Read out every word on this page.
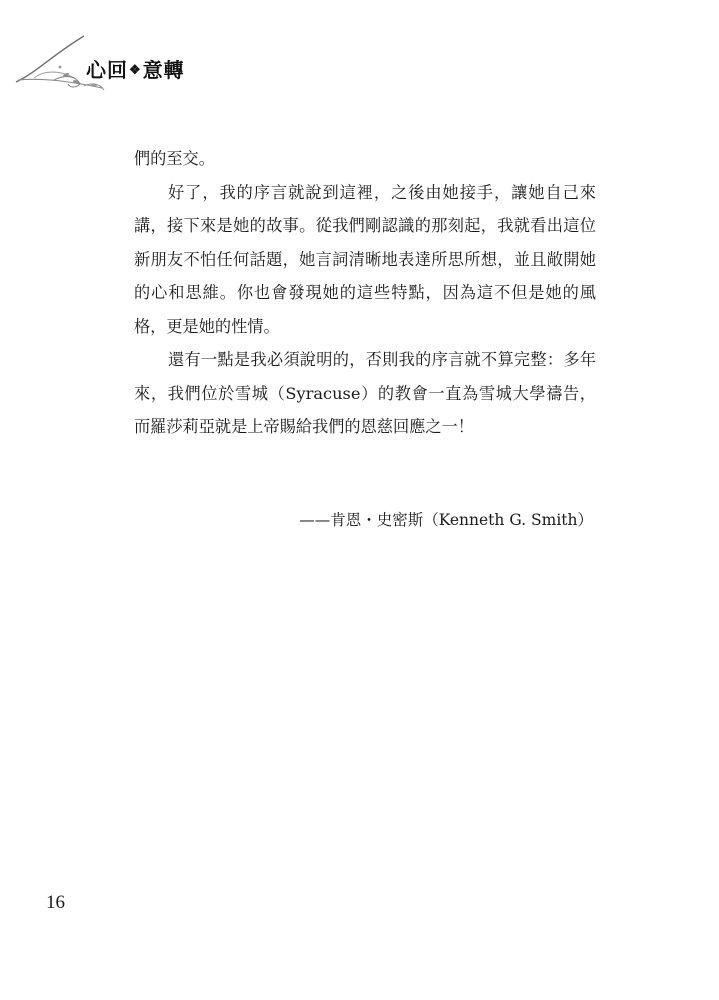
心回❖意轉

們的至交。

好了，我的序言就說到這裡，之後由她接手，讓她自己來講，接下來是她的故事。從我們剛認識的那刻起，我就看出這位新朋友不怕任何話題，她言詞清晰地表達所思所想，並且敞開她的心和思維。你也會發現她的這些特點，因為這不但是她的風格，更是她的性情。

還有一點是我必須說明的，否則我的序言就不算完整：多年來，我們位於雪城（Syracuse）的教會一直為雪城大學禱告，而羅莎莉亞就是上帝賜給我們的恩慈回應之一！

——肯恩・史密斯（Kenneth G. Smith）
16
